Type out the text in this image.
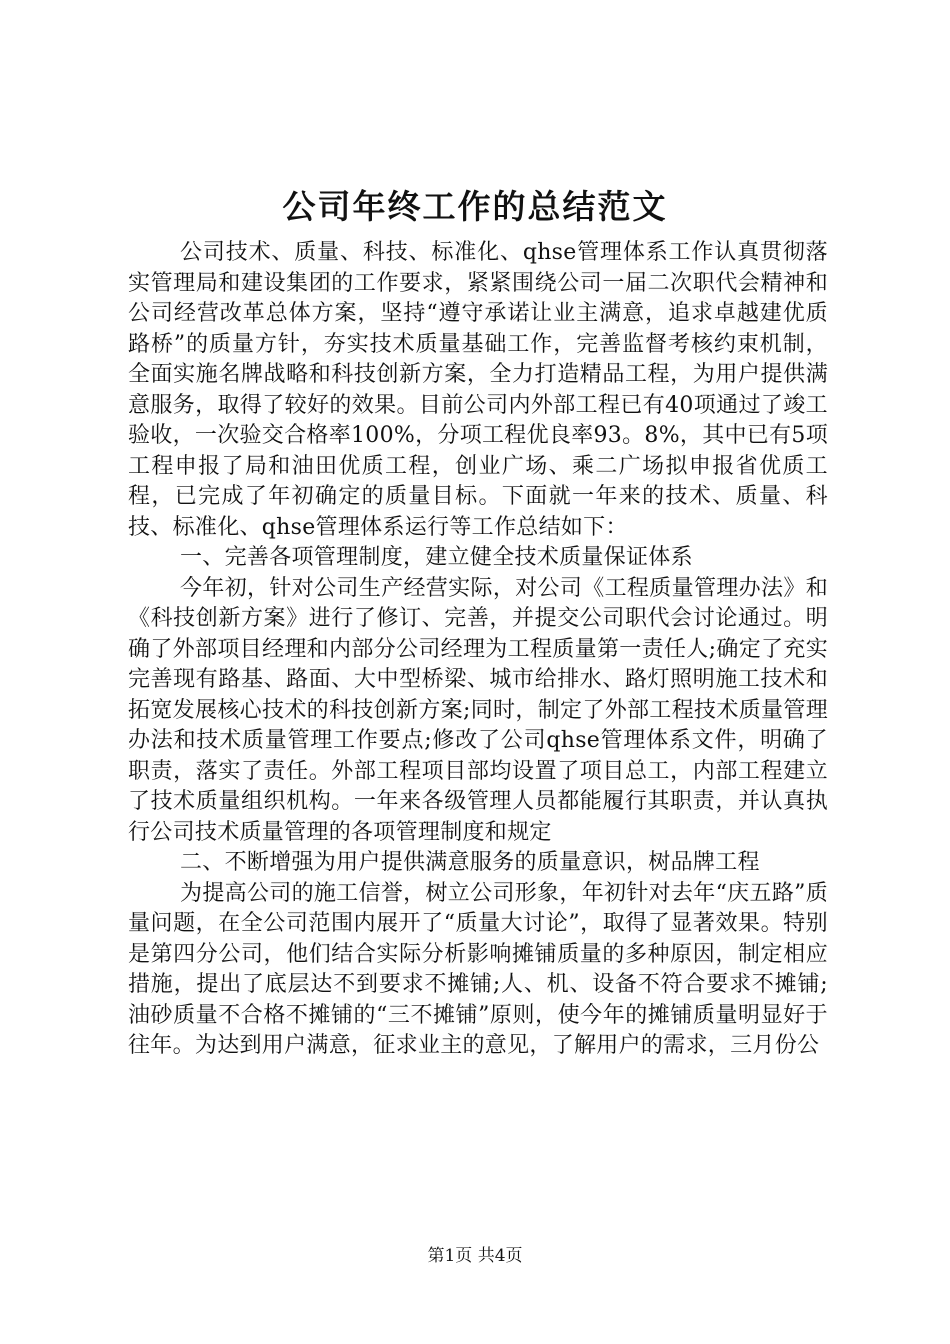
公司年终工作的总结范文

公司技术、质量、科技、标准化、qhse管理体系工作认真贯彻落实管理局和建设集团的工作要求，紧紧围绕公司一届二次职代会精神和公司经营改革总体方案，坚持“遵守承诺让业主满意，追求卓越建优质路桥”的质量方针，夯实技术质量基础工作，完善监督考核约束机制，全面实施名牌战略和科技创新方案，全力打造精品工程，为用户提供满意服务，取得了较好的效果。目前公司内外部工程已有40项通过了竣工验收，一次验交合格率100%，分项工程优良率93。8%，其中已有5项工程申报了局和油田优质工程，创业广场、乘二广场拟申报省优质工程，已完成了年初确定的质量目标。下面就一年来的技术、质量、科技、标准化、qhse管理体系运行等工作总结如下：

一、完善各项管理制度，建立健全技术质量保证体系

今年初，针对公司生产经营实际，对公司《工程质量管理办法》和《科技创新方案》进行了修订、完善，并提交公司职代会讨论通过。明确了外部项目经理和内部分公司经理为工程质量第一责任人;确定了充实完善现有路基、路面、大中型桥梁、城市给排水、路灯照明施工技术和拓宽发展核心技术的科技创新方案;同时，制定了外部工程技术质量管理办法和技术质量管理工作要点;修改了公司qhse管理体系文件，明确了职责，落实了责任。外部工程项目部均设置了项目总工，内部工程建立了技术质量组织机构。一年来各级管理人员都能履行其职责，并认真执行公司技术质量管理的各项管理制度和规定

二、不断增强为用户提供满意服务的质量意识，树品牌工程

为提高公司的施工信誉，树立公司形象，年初针对去年“庆五路”质量问题，在全公司范围内展开了“质量大讨论”，取得了显著效果。特别是第四分公司，他们结合实际分析影响摊铺质量的多种原因，制定相应措施，提出了底层达不到要求不摊铺;人、机、设备不符合要求不摊铺;油砂质量不合格不摊铺的“三不摊铺”原则，使今年的摊铺质量明显好于往年。为达到用户满意，征求业主的意见，了解用户的需求，三月份公

第1页 共4页
